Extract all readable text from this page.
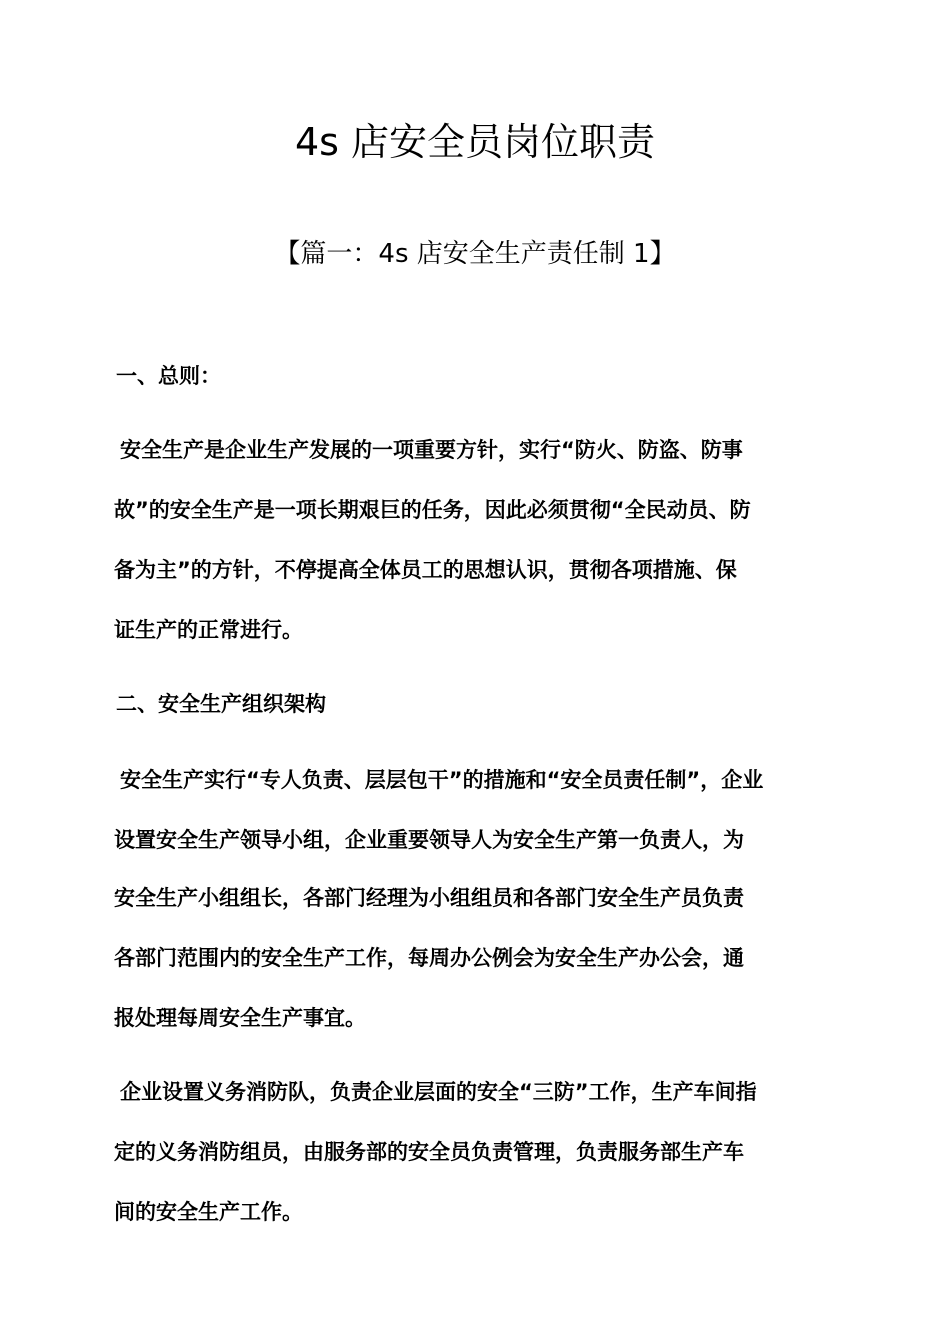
4s 店安全员岗位职责
【篇一：4s 店安全生产责任制 1】
一、总则：
安全生产是企业生产发展的一项重要方针，实行“防火、防盗、防事
故”的安全生产是一项长期艰巨的任务，因此必须贯彻“全民动员、防
备为主”的方针，不停提高全体员工的思想认识，贯彻各项措施、保
证生产的正常进行。
二、安全生产组织架构
安全生产实行“专人负责、层层包干”的措施和“安全员责任制”，企业
设置安全生产领导小组，企业重要领导人为安全生产第一负责人，为
安全生产小组组长，各部门经理为小组组员和各部门安全生产员负责
各部门范围内的安全生产工作，每周办公例会为安全生产办公会，通
报处理每周安全生产事宜。
企业设置义务消防队，负责企业层面的安全“三防”工作，生产车间指
定的义务消防组员，由服务部的安全员负责管理，负责服务部生产车
间的安全生产工作。
